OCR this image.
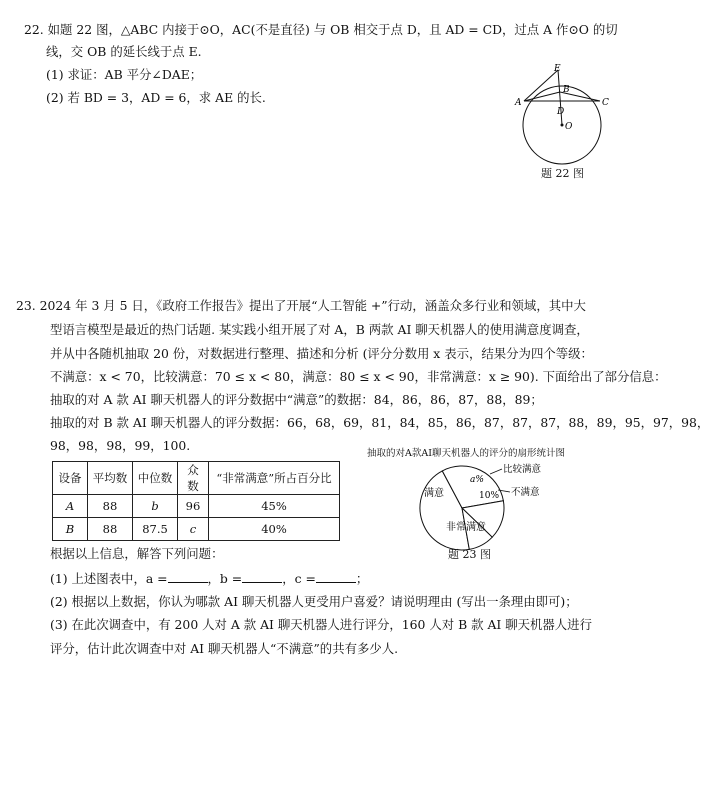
22. 如题 22 图，△ABC 内接于⊙O，AC(不是直径) 与 OB 相交于点 D，且 AD = CD，过点 A 作⊙O 的切
线，交 OB 的延长线于点 E.
(1) 求证：AB 平分∠DAE；
(2) 若 BD = 3，AD = 6，求 AE 的长.
E
B
A	C
D
O
题 22 图
23. 2024 年 3 月 5 日，《政府工作报告》提出了开展“人工智能 +”行动，涵盖众多行业和领域，其中大
型语言模型是最近的热门话题. 某实践小组开展了对 A，B 两款 AI 聊天机器人的使用满意度调查，
并从中各随机抽取 20 份，对数据进行整理、描述和分析 (评分分数用 x 表示，结果分为四个等级：
不满意：x < 70，比较满意：70 ≤ x < 80，满意：80 ≤ x < 90，非常满意：x ≥ 90). 下面给出了部分信息：
抽取的对 A 款 AI 聊天机器人的评分数据中“满意”的数据：84，86，86，87，88，89；
抽取的对 B 款 AI 聊天机器人的评分数据：66，68，69，81，84，85，86，87，87，87，88，89，95，97，98，
98，98，98，99，100.
设备	平均数	中位数	众数	“非常满意”所占百分比
A	88	b	96	45%
B	88	87.5	c	40%
抽取的对A款AI聊天机器人的评分的扇形统计图
满意
非常满意
a%
10%
比较满意
不满意
题 23 图
根据以上信息，解答下列问题：
(1) 上述图表中，a =	，b =	，c =	；
(2) 根据以上数据，你认为哪款 AI 聊天机器人更受用户喜爱？请说明理由 (写出一条理由即可)；
(3) 在此次调查中，有 200 人对 A 款 AI 聊天机器人进行评分，160 人对 B 款 AI 聊天机器人进行
评分，估计此次调查中对 AI 聊天机器人“不满意”的共有多少人.
